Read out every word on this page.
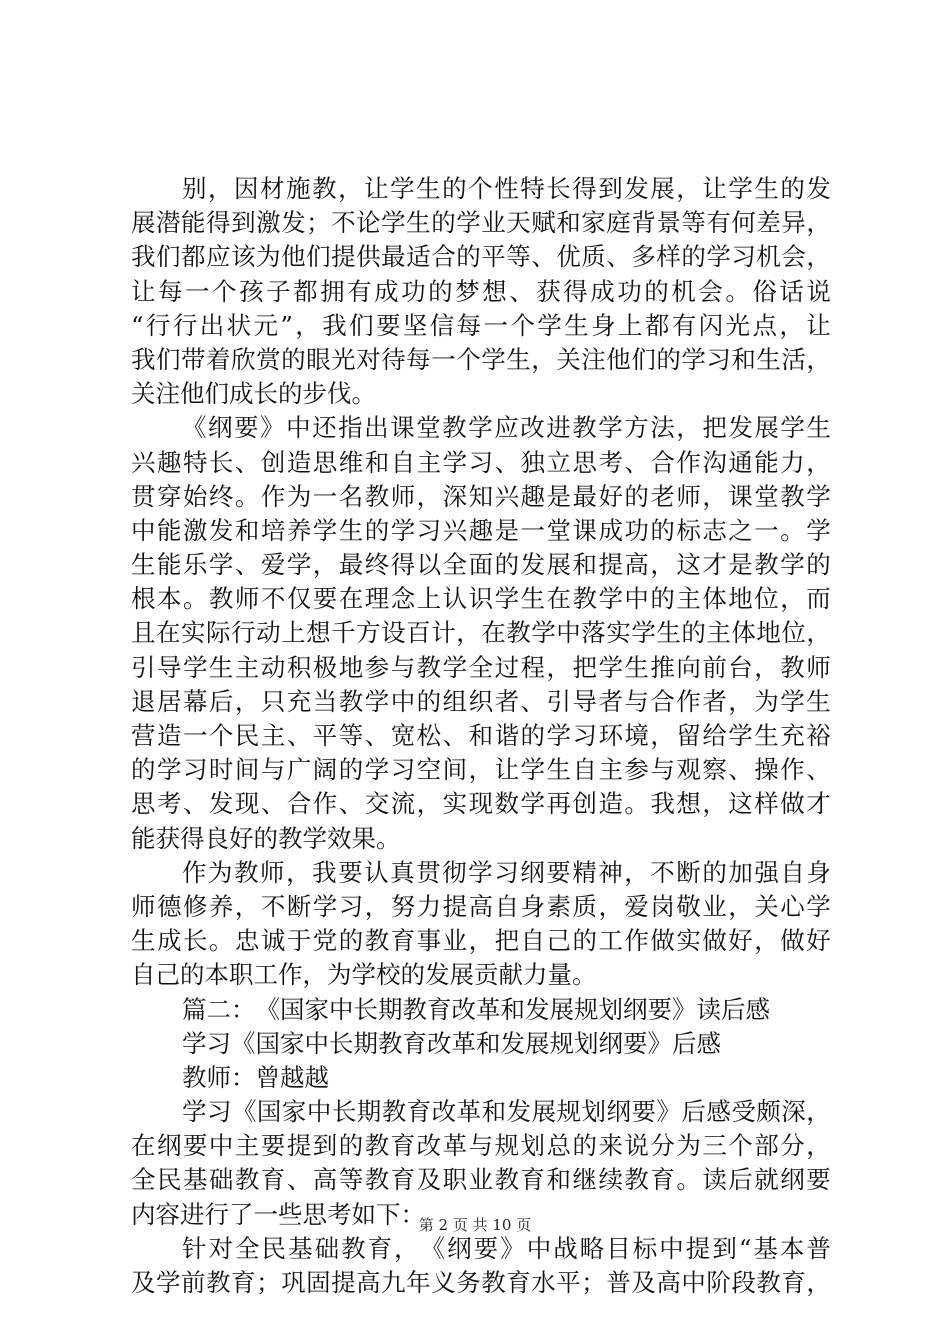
别 ， 因 材 施 教 ， 让 学 生 的 个 性 特 长 得 到 发 展 ， 让 学 生 的 发
展 潜 能 得 到 激 发 ； 不 论 学 生 的 学 业 天 赋 和 家 庭 背 景 等 有 何 差 异 ，
我 们 都 应 该 为 他 们 提 供 最 适 合 的 平 等 、 优 质 、 多 样 的 学 习 机 会 ，
让 每 一 个 孩 子 都 拥 有 成 功 的 梦 想 、 获 得 成 功 的 机 会 。 俗 话 说
“ 行 行 出 状 元 ” ， 我 们 要 坚 信 每 一 个 学 生 身 上 都 有 闪 光 点 ， 让
我 们 带 着 欣 赏 的 眼 光 对 待 每 一 个 学 生 ， 关 注 他 们 的 学 习 和 生 活 ，
关 注 他 们 成 长 的 步 伐 。
《 纲 要 》 中 还 指 出 课 堂 教 学 应 改 进 教 学 方 法 ， 把 发 展 学 生
兴 趣 特 长 、 创 造 思 维 和 自 主 学 习 、 独 立 思 考 、 合 作 沟 通 能 力 ，
贯 穿 始 终 。 作 为 一 名 教 师 ， 深 知 兴 趣 是 最 好 的 老 师 ， 课 堂 教 学
中 能 激 发 和 培 养 学 生 的 学 习 兴 趣 是 一 堂 课 成 功 的 标 志 之 一 。 学
生 能 乐 学 、 爱 学 ， 最 终 得 以 全 面 的 发 展 和 提 高 ， 这 才 是 教 学 的
根 本 。 教 师 不 仅 要 在 理 念 上 认 识 学 生 在 教 学 中 的 主 体 地 位 ， 而
且 在 实 际 行 动 上 想 千 方 设 百 计 ， 在 教 学 中 落 实 学 生 的 主 体 地 位 ，
引 导 学 生 主 动 积 极 地 参 与 教 学 全 过 程 ， 把 学 生 推 向 前 台 ， 教 师
退 居 幕 后 ， 只 充 当 教 学 中 的 组 织 者 、 引 导 者 与 合 作 者 ， 为 学 生
营 造 一 个 民 主 、 平 等 、 宽 松 、 和 谐 的 学 习 环 境 ， 留 给 学 生 充 裕
的 学 习 时 间 与 广 阔 的 学 习 空 间 ， 让 学 生 自 主 参 与 观 察 、 操 作 、
思 考 、 发 现 、 合 作 、 交 流 ， 实 现 数 学 再 创 造 。 我 想 ， 这 样 做 才
能 获 得 良 好 的 教 学 效 果 。
作 为 教 师 ， 我 要 认 真 贯 彻 学 习 纲 要 精 神 ， 不 断 的 加 强 自 身
师 德 修 养 ， 不 断 学 习 ， 努 力 提 高 自 身 素 质 ， 爱 岗 敬 业 ， 关 心 学
生 成 长 。 忠 诚 于 党 的 教 育 事 业 ， 把 自 己 的 工 作 做 实 做 好 ， 做 好
自 己 的 本 职 工 作 ， 为 学 校 的 发 展 贡 献 力 量 。
篇 二 ： 《 国 家 中 长 期 教 育 改 革 和 发 展 规 划 纲 要 》 读 后 感
学 习 《 国 家 中 长 期 教 育 改 革 和 发 展 规 划 纲 要 》 后 感
教 师 ： 曾 越 越
学 习 《 国 家 中 长 期 教 育 改 革 和 发 展 规 划 纲 要 》 后 感 受 颇 深 ，
在 纲 要 中 主 要 提 到 的 教 育 改 革 与 规 划 总 的 来 说 分 为 三 个 部 分 ，
全 民 基 础 教 育 、 高 等 教 育 及 职 业 教 育 和 继 续 教 育 。 读 后 就 纲 要
内 容 进 行 了 一 些 思 考 如 下 ：
针 对 全 民 基 础 教 育 ， 《 纲 要 》 中 战 略 目 标 中 提 到 “ 基 本 普
及 学 前 教 育 ； 巩 固 提 高 九 年 义 务 教 育 水 平 ； 普 及 高 中 阶 段 教 育 ，
第 2 页 共 10 页
